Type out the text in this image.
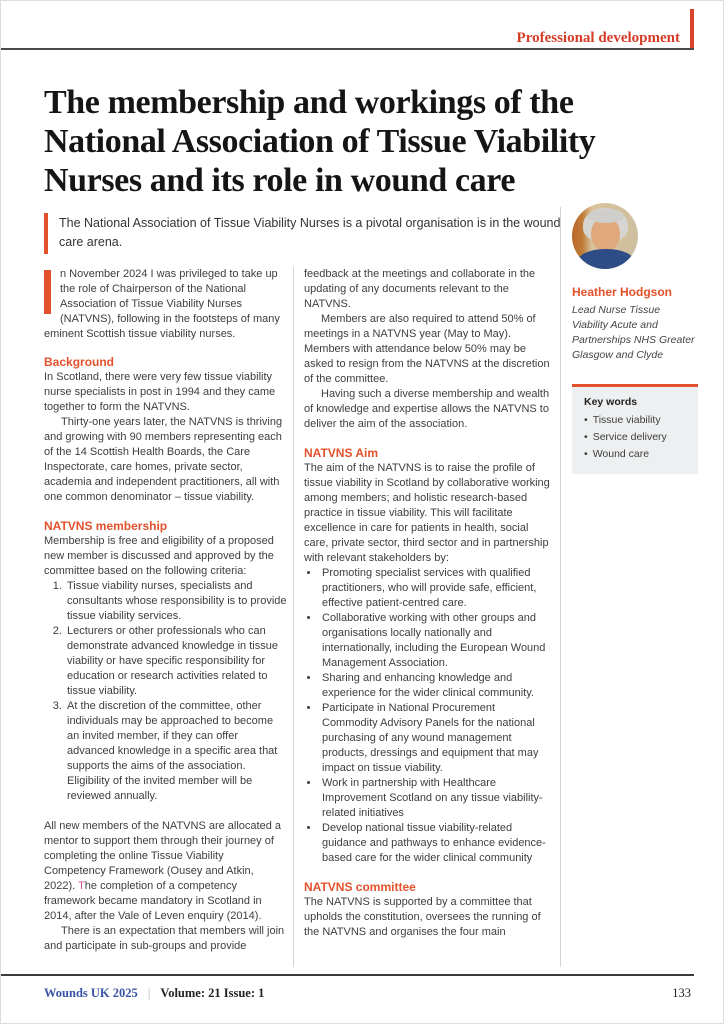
Professional development
The membership and workings of the
National Association of Tissue Viability
Nurses and its role in wound care
The National Association of Tissue Viability Nurses is a pivotal organisation is in the wound care arena.

n November 2024 I was privileged to take up the role of Chairperson of the National Association of Tissue Viability Nurses (NATVNS), following in the footsteps of many eminent Scottish tissue viability nurses.

Background

In Scotland, there were very few tissue viability nurse specialists in post in 1994 and they came together to form the NATVNS.

Thirty-one years later, the NATVNS is thriving and growing with 90 members representing each of the 14 Scottish Health Boards, the Care Inspectorate, care homes, private sector, academia and independent practitioners, all with one common denominator – tissue viability.

NATVNS membership

Membership is free and eligibility of a proposed new member is discussed and approved by the committee based on the following criteria:

1. Tissue viability nurses, specialists and consultants whose responsibility is to provide tissue viability services.
2. Lecturers or other professionals who can demonstrate advanced knowledge in tissue viability or have specific responsibility for education or research activities related to tissue viability.
3. At the discretion of the committee, other individuals may be approached to become an invited member, if they can offer advanced knowledge in a specific area that supports the aims of the association. Eligibility of the invited member will be reviewed annually.

All new members of the NATVNS are allocated a mentor to support them through their journey of completing the online Tissue Viability Competency Framework (Ousey and Atkin, 2022). The completion of a competency framework became mandatory in Scotland in 2014, after the Vale of Leven enquiry (2014).

There is an expectation that members will join and participate in sub-groups and provide

feedback at the meetings and collaborate in the updating of any documents relevant to the NATVNS.

Members are also required to attend 50% of meetings in a NATVNS year (May to May). Members with attendance below 50% may be asked to resign from the NATVNS at the discretion of the committee.

Having such a diverse membership and wealth of knowledge and expertise allows the NATVNS to deliver the aim of the association.

NATVNS Aim

The aim of the NATVNS is to raise the profile of tissue viability in Scotland by collaborative working among members; and holistic research-based practice in tissue viability. This will facilitate excellence in care for patients in health, social care, private sector, third sector and in partnership with relevant stakeholders by:

• Promoting specialist services with qualified practitioners, who will provide safe, efficient, effective patient-centred care.
• Collaborative working with other groups and organisations locally nationally and internationally, including the European Wound Management Association.
• Sharing and enhancing knowledge and experience for the wider clinical community.
• Participate in National Procurement Commodity Advisory Panels for the national purchasing of any wound management products, dressings and equipment that may impact on tissue viability.
• Work in partnership with Healthcare Improvement Scotland on any tissue viability-related initiatives
• Develop national tissue viability-related guidance and pathways to enhance evidence-based care for the wider clinical community
NATVNS committee

The NATVNS is supported by a committee that upholds the constitution, oversees the running of the NATVNS and organises the four main

Heather Hodgson
Lead Nurse Tissue Viability Acute and Partnerships NHS Greater Glasgow and Clyde
Key words
• Tissue viability
• Service delivery
• Wound care
Wounds UK 2025 | Volume: 21 Issue: 1	133
